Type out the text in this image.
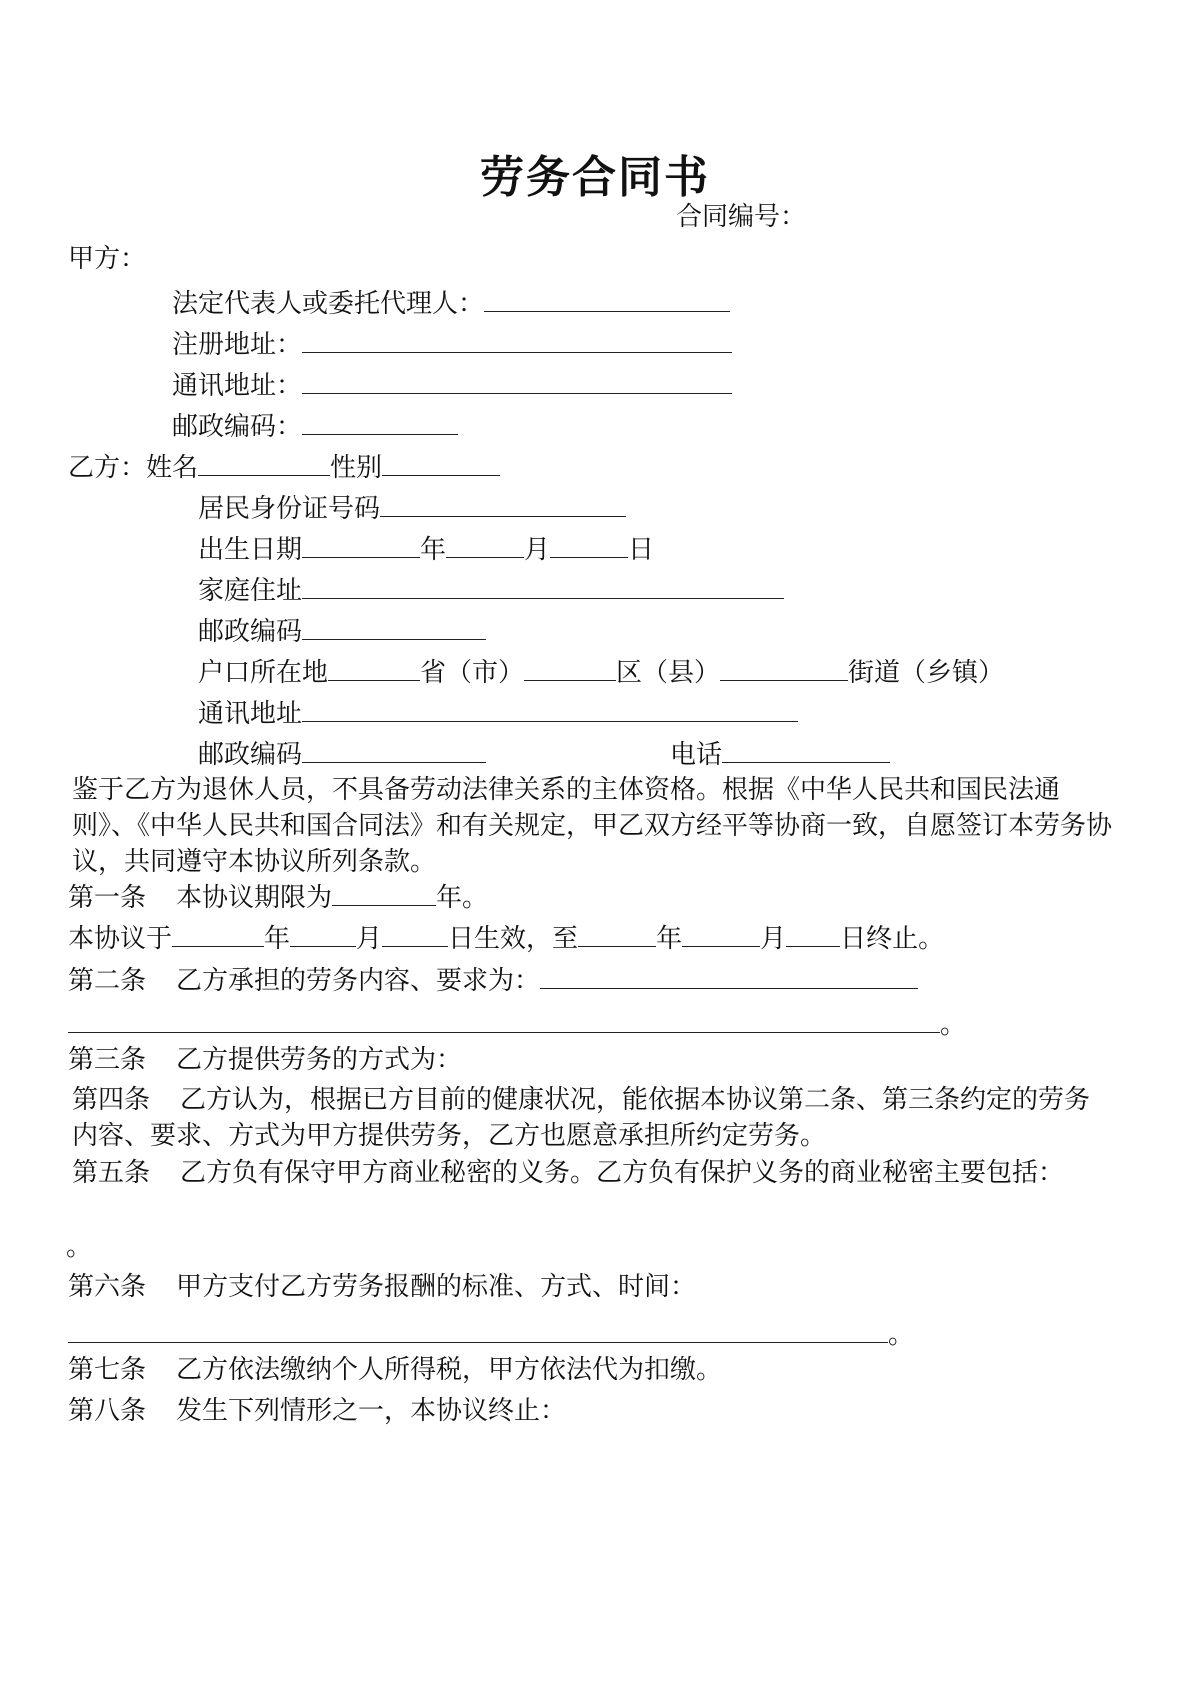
劳务合同书
合同编号：
甲方：
法定代表人或委托代理人：
注册地址：
通讯地址：
邮政编码：
乙方：姓名	性别
居民身份证号码
出生日期	年	月	日
家庭住址
邮政编码
户口所在地	省（市）	区（县）	街道（乡镇）
通讯地址
邮政编码	电话
鉴于乙方为退休人员，不具备劳动法律关系的主体资格。根据《中华人民共和国民法通则》、《中华人民共和国合同法》和有关规定，甲乙双方经平等协商一致，自愿签订本劳务协议，共同遵守本协议所列条款。
第一条 本协议期限为	年。
本协议于	年	月	日生效，至	年	月 日终止。
第二条 乙方承担的劳务内容、要求为：
。
第三条 乙方提供劳务的方式为：
第四条 乙方认为，根据已方目前的健康状况，能依据本协议第二条、第三条约定的劳务内容、要求、方式为甲方提供劳务，乙方也愿意承担所约定劳务。
第五条 乙方负有保守甲方商业秘密的义务。乙方负有保护义务的商业秘密主要包括：
。
第六条 甲方支付乙方劳务报酬的标准、方式、时间：
。
第七条 乙方依法缴纳个人所得税，甲方依法代为扣缴。
第八条 发生下列情形之一，本协议终止：
